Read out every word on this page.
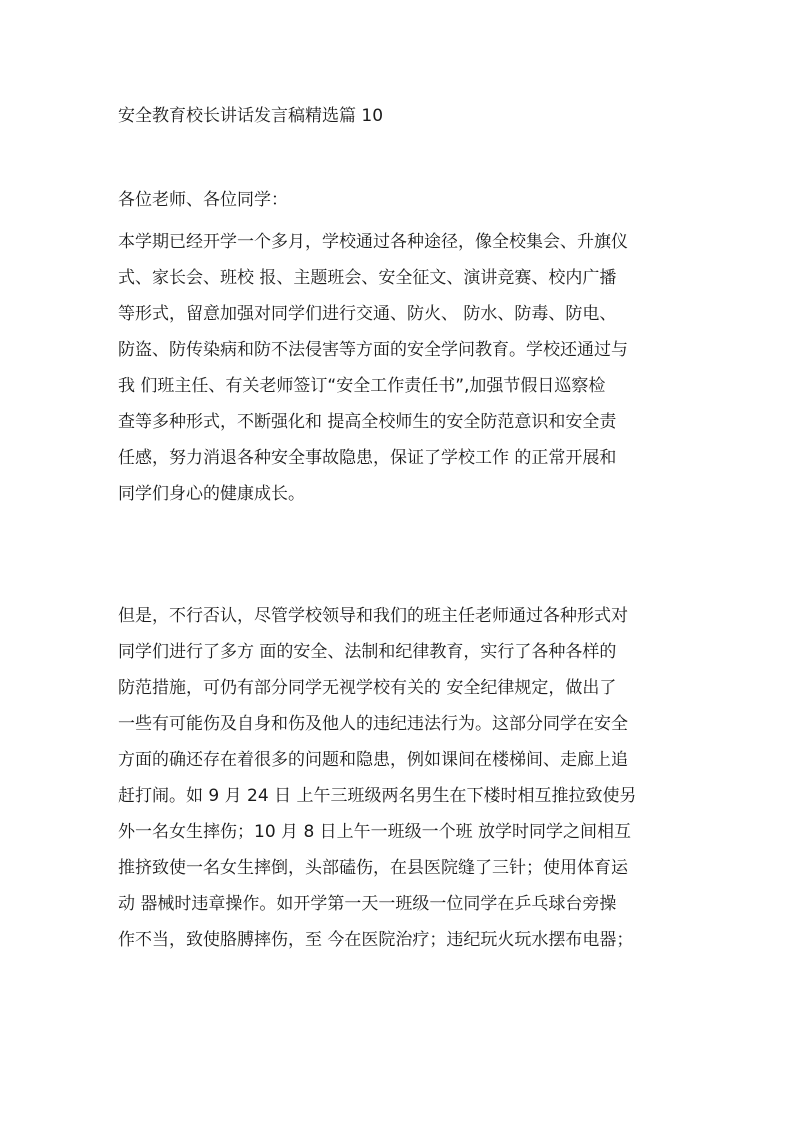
安全教育校长讲话发言稿精选篇 10
各位老师、各位同学：

本学期已经开学一个多月，学校通过各种途径，像全校集会、升旗仪
式、家长会、班校 报、主题班会、安全征文、演讲竞赛、校内广播
等形式，留意加强对同学们进行交通、防火、 防水、防毒、防电、
防盗、防传染病和防不法侵害等方面的安全学问教育。学校还通过与
我 们班主任、有关老师签订“安全工作责任书”,加强节假日巡察检
查等多种形式，不断强化和 提高全校师生的安全防范意识和安全责
任感，努力消退各种安全事故隐患，保证了学校工作 的正常开展和
同学们身心的健康成长。

但是，不行否认，尽管学校领导和我们的班主任老师通过各种形式对
同学们进行了多方 面的安全、法制和纪律教育，实行了各种各样的
防范措施，可仍有部分同学无视学校有关的 安全纪律规定，做出了
一些有可能伤及自身和伤及他人的违纪违法行为。这部分同学在安全
方面的确还存在着很多的问题和隐患，例如课间在楼梯间、走廊上追
赶打闹。如 9 月 24 日 上午三班级两名男生在下楼时相互推拉致使另
外一名女生摔伤；10 月 8 日上午一班级一个班 放学时同学之间相互
推挤致使一名女生摔倒，头部磕伤，在县医院缝了三针；使用体育运
动 器械时违章操作。如开学第一天一班级一位同学在乒乓球台旁操
作不当，致使胳膊摔伤，至 今在医院治疗；违纪玩火玩水摆布电器；
